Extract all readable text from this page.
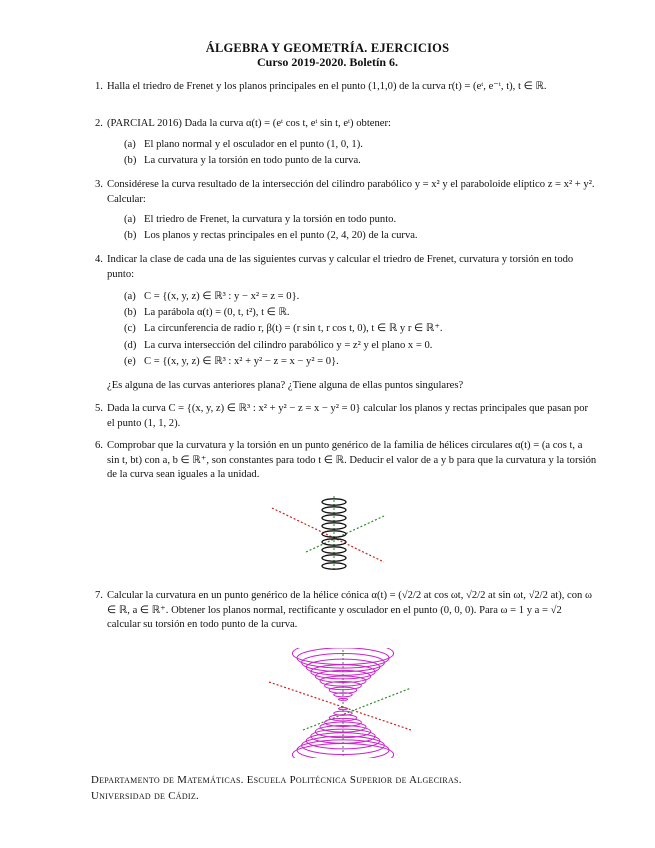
ÁLGEBRA Y GEOMETRÍA. EJERCICIOS
Curso 2019-2020. Boletín 6.
1. Halla el triedro de Frenet y los planos principales en el punto (1,1,0) de la curva r(t) = (eᵗ, e⁻ᵗ, t), t ∈ ℝ.
2. (PARCIAL 2016) Dada la curva α(t) = (eᵗ cos t, eᵗ sin t, eᵗ) obtener:
(a) El plano normal y el osculador en el punto (1, 0, 1).
(b) La curvatura y la torsión en todo punto de la curva.
3. Considérese la curva resultado de la intersección del cilindro parabólico y = x² y el paraboloide elíptico z = x² + y². Calcular:
(a) El triedro de Frenet, la curvatura y la torsión en todo punto.
(b) Los planos y rectas principales en el punto (2, 4, 20) de la curva.
4. Indicar la clase de cada una de las siguientes curvas y calcular el triedro de Frenet, curvatura y torsión en todo punto:
(a) C = {(x, y, z) ∈ ℝ³ : y − x² = z = 0}.
(b) La parábola α(t) = (0, t, t²), t ∈ ℝ.
(c) La circunferencia de radio r, β(t) = (r sin t, r cos t, 0), t ∈ ℝ y r ∈ ℝ⁺.
(d) La curva intersección del cilindro parabólico y = z² y el plano x = 0.
(e) C = {(x, y, z) ∈ ℝ³ : x² + y² − z = x − y² = 0}.
¿Es alguna de las curvas anteriores plana? ¿Tiene alguna de ellas puntos singulares?
5. Dada la curva C = {(x, y, z) ∈ ℝ³ : x² + y² − z = x − y² = 0} calcular los planos y rectas principales que pasan por el punto (1, 1, 2).
6. Comprobar que la curvatura y la torsión en un punto genérico de la familia de hélices circulares α(t) = (a cos t, a sin t, bt) con a, b ∈ ℝ⁺, son constantes para todo t ∈ ℝ. Deducir el valor de a y b para que la curvatura y la torsión de la curva sean iguales a la unidad.
7. Calcular la curvatura en un punto genérico de la hélice cónica α(t) = (√2/2 at cos ωt, √2/2 at sin ωt, √2/2 at), con ω ∈ ℝ, a ∈ ℝ⁺. Obtener los planos normal, rectificante y osculador en el punto (0, 0, 0). Para ω = 1 y a = √2 calcular su torsión en todo punto de la curva.
Departamento de Matemáticas. Escuela Politécnica Superior de Algeciras.
Universidad de Cádiz.
